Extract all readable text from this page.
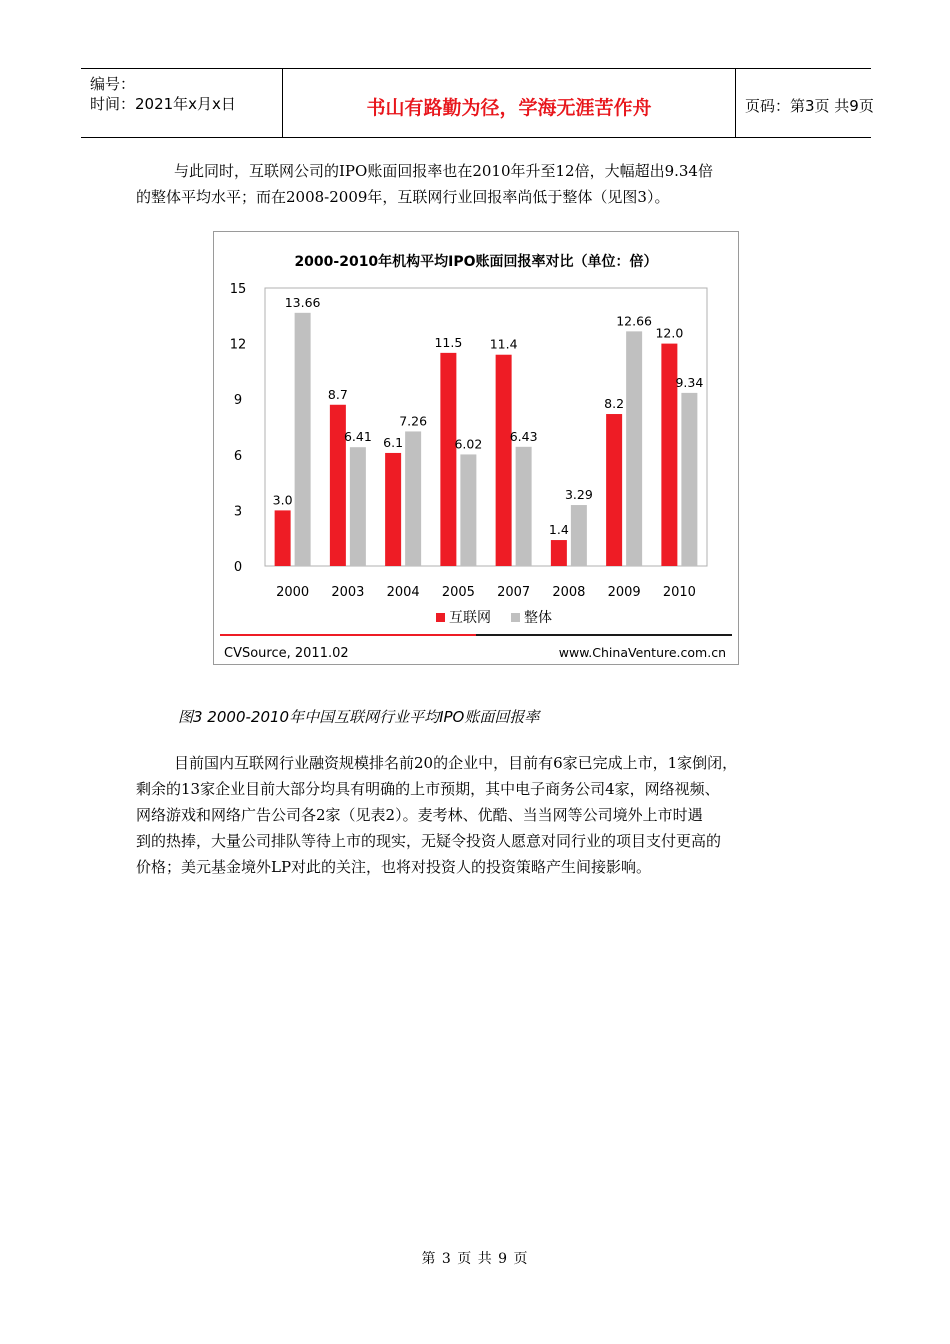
编号：
时间：2021年x月x日	书山有路勤为径，学海无涯苦作舟	页码：第3页 共9页

与此同时，互联网公司的IPO账面回报率也在2010年升至12倍，大幅超出9.34倍

的整体平均水平；而在2008-2009年，互联网行业回报率尚低于整体（见图3）。

2000-2010年机构平均IPO账面回报率对比（单位：倍）
0
3
6
9
12
15
2000
3.0
13.66
2003
8.7
6.41
2004
6.1
7.26
2005
11.5
6.02
2007
11.4
6.43
2008
1.4
3.29
2009
8.2
12.66
2010
12.0
9.34
互联网 整体
CVSource, 2011.02	www.ChinaVenture.com.cn
图3 2000-2010年中国互联网行业平均IPO账面回报率

目前国内互联网行业融资规模排名前20的企业中，目前有6家已完成上市，1家倒闭，

剩余的13家企业目前大部分均具有明确的上市预期，其中电子商务公司4家，网络视频、

网络游戏和网络广告公司各2家（见表2）。麦考林、优酷、当当网等公司境外上市时遇

到的热捧，大量公司排队等待上市的现实，无疑令投资人愿意对同行业的项目支付更高的

价格；美元基金境外LP对此的关注，也将对投资人的投资策略产生间接影响。

第 3 页 共 9 页
